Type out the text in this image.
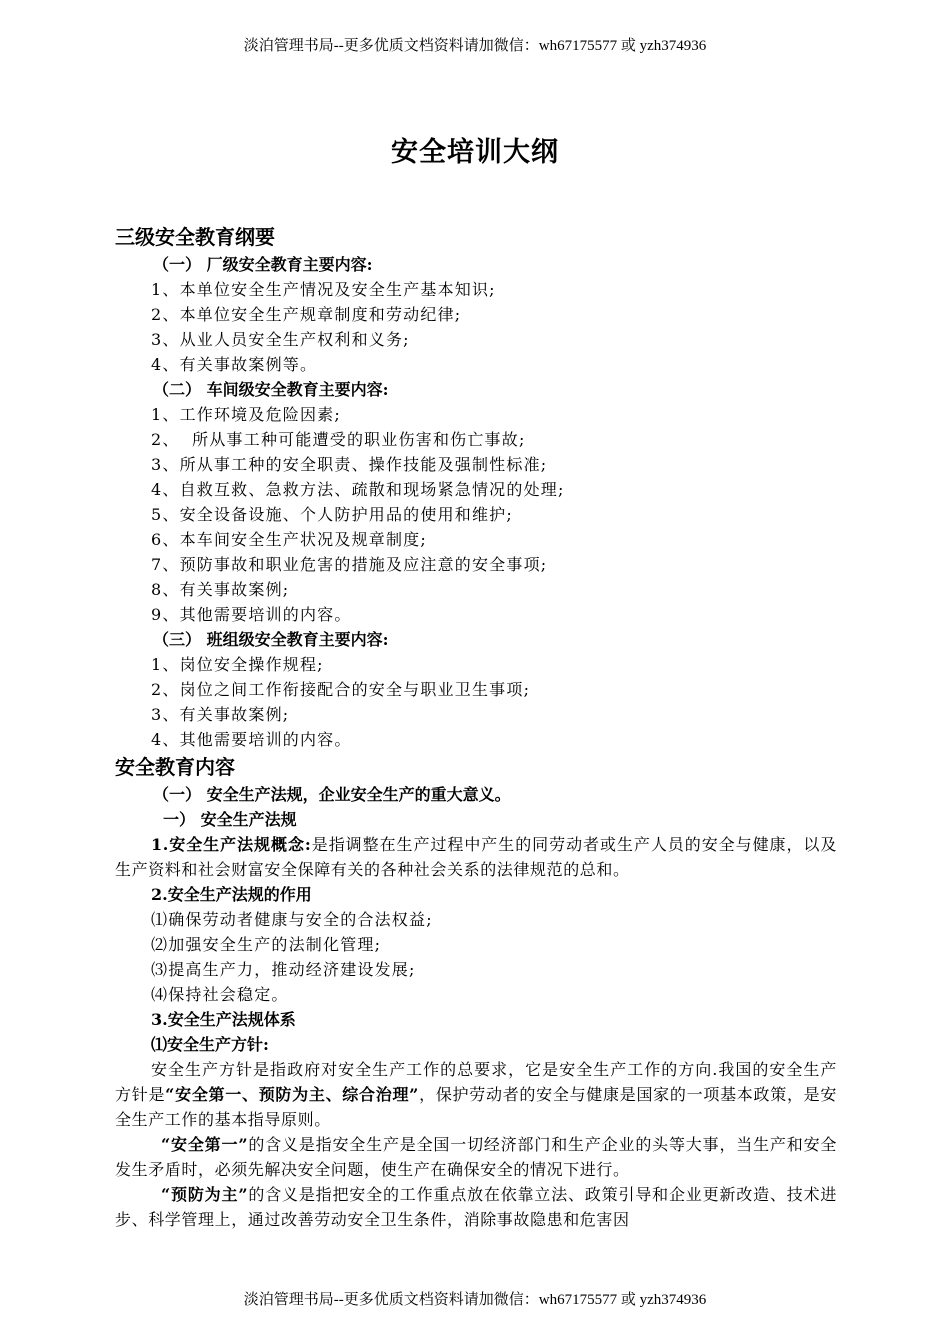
淡泊管理书局--更多优质文档资料请加微信：wh67175577 或 yzh374936
安全培训大纲

三级安全教育纲要

（一） 厂级安全教育主要内容:

1、本单位安全生产情况及安全生产基本知识;

2、本单位安全生产规章制度和劳动纪律;

3、从业人员安全生产权利和义务;

4、有关事故案例等。

（二） 车间级安全教育主要内容:

1、工作环境及危险因素;

2、  所从事工种可能遭受的职业伤害和伤亡事故;

3、所从事工种的安全职责、操作技能及强制性标准;

4、自救互救、急救方法、疏散和现场紧急情况的处理;

5、安全设备设施、个人防护用品的使用和维护;

6、本车间安全生产状况及规章制度;

7、预防事故和职业危害的措施及应注意的安全事项;

8、有关事故案例;

9、其他需要培训的内容。

（三） 班组级安全教育主要内容:

1、岗位安全操作规程;

2、岗位之间工作衔接配合的安全与职业卫生事项;

3、有关事故案例;

4、其他需要培训的内容。

安全教育内容

（一） 安全生产法规，企业安全生产的重大意义。

一） 安全生产法规

1.安全生产法规概念:是指调整在生产过程中产生的同劳动者或生产人员的安全与健康，以及生产资料和社会财富安全保障有关的各种社会关系的法律规范的总和。

2.安全生产法规的作用

⑴确保劳动者健康与安全的合法权益;

⑵加强安全生产的法制化管理;

⑶提高生产力，推动经济建设发展;

⑷保持社会稳定。

3.安全生产法规体系

⑴安全生产方针:

安全生产方针是指政府对安全生产工作的总要求，它是安全生产工作的方向.我国的安全生产方针是“安全第一、预防为主、综合治理”，保护劳动者的安全与健康是国家的一项基本政策，是安全生产工作的基本指导原则。

“安全第一”的含义是指安全生产是全国一切经济部门和生产企业的头等大事，当生产和安全发生矛盾时，必须先解决安全问题，使生产在确保安全的情况下进行。

“预防为主”的含义是指把安全的工作重点放在依靠立法、政策引导和企业更新改造、技术进步、科学管理上，通过改善劳动安全卫生条件，消除事故隐患和危害因

淡泊管理书局--更多优质文档资料请加微信：wh67175577 或 yzh374936
